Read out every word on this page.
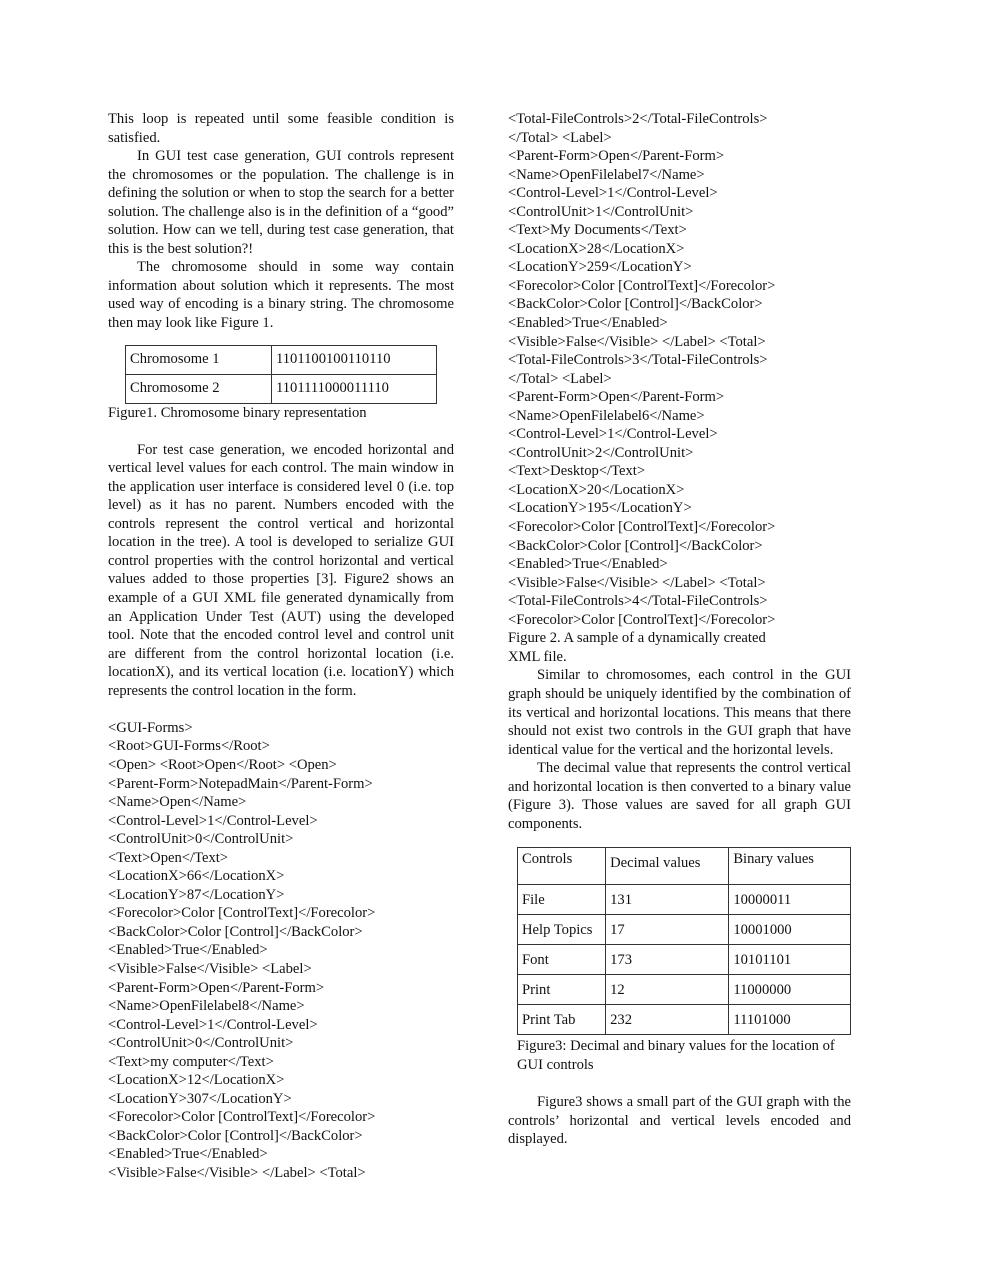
This loop is repeated until some feasible condition is satisfied.

In GUI test case generation, GUI controls represent the chromosomes or the population. The challenge is in defining the solution or when to stop the search for a better solution. The challenge also is in the definition of a “good” solution. How can we tell, during test case generation, that this is the best solution?!

The chromosome should in some way contain information about solution which it represents. The most used way of encoding is a binary string. The chromosome then may look like Figure 1.

Chromosome 1	1101100100110110
Chromosome 2	1101111000011110
Figure1. Chromosome binary representation

For test case generation, we encoded horizontal and vertical level values for each control. The main window in the application user interface is considered level 0 (i.e. top level) as it has no parent. Numbers encoded with the controls represent the control vertical and horizontal location in the tree). A tool is developed to serialize GUI control properties with the control horizontal and vertical values added to those properties [3]. Figure2 shows an example of a GUI XML file generated dynamically from an Application Under Test (AUT) using the developed tool. Note that the encoded control level and control unit are different from the control horizontal location (i.e. locationX), and its vertical location (i.e. locationY) which represents the control location in the form.

<GUI-Forms>
<Root>GUI-Forms</Root>
<Open> <Root>Open</Root> <Open>
<Parent-Form>NotepadMain</Parent-Form>
<Name>Open</Name>
<Control-Level>1</Control-Level>
<ControlUnit>0</ControlUnit>
<Text>Open</Text>
<LocationX>66</LocationX>
<LocationY>87</LocationY>
<Forecolor>Color [ControlText]</Forecolor>
<BackColor>Color [Control]</BackColor>
<Enabled>True</Enabled>
<Visible>False</Visible> <Label>
<Parent-Form>Open</Parent-Form>
<Name>OpenFilelabel8</Name>
<Control-Level>1</Control-Level>
<ControlUnit>0</ControlUnit>
<Text>my computer</Text>
<LocationX>12</LocationX>
<LocationY>307</LocationY>
<Forecolor>Color [ControlText]</Forecolor>
<BackColor>Color [Control]</BackColor>
<Enabled>True</Enabled>
<Visible>False</Visible> </Label> <Total>
<Total-FileControls>2</Total-FileControls>
</Total> <Label>
<Parent-Form>Open</Parent-Form>
<Name>OpenFilelabel7</Name>
<Control-Level>1</Control-Level>
<ControlUnit>1</ControlUnit>
<Text>My Documents</Text>
<LocationX>28</LocationX>
<LocationY>259</LocationY>
<Forecolor>Color [ControlText]</Forecolor>
<BackColor>Color [Control]</BackColor>
<Enabled>True</Enabled>
<Visible>False</Visible> </Label> <Total>
<Total-FileControls>3</Total-FileControls>
</Total> <Label>
<Parent-Form>Open</Parent-Form>
<Name>OpenFilelabel6</Name>
<Control-Level>1</Control-Level>
<ControlUnit>2</ControlUnit>
<Text>Desktop</Text>
<LocationX>20</LocationX>
<LocationY>195</LocationY>
<Forecolor>Color [ControlText]</Forecolor>
<BackColor>Color [Control]</BackColor>
<Enabled>True</Enabled>
<Visible>False</Visible> </Label> <Total>
<Total-FileControls>4</Total-FileControls>
<Forecolor>Color [ControlText]</Forecolor>
Figure 2. A sample of a dynamically created
XML file.

Similar to chromosomes, each control in the GUI graph should be uniquely identified by the combination of its vertical and horizontal locations. This means that there should not exist two controls in the GUI graph that have identical value for the vertical and the horizontal levels.

The decimal value that represents the control vertical and horizontal location is then converted to a binary value (Figure 3). Those values are saved for all graph GUI components.

Controls	Decimal values	Binary values
File	131	10000011
Help Topics	17	10001000
Font	173	10101101
Print	12	11000000
Print Tab	232	11101000
Figure3: Decimal and binary values for the location of GUI controls

Figure3 shows a small part of the GUI graph with the controls’ horizontal and vertical levels encoded and displayed.
